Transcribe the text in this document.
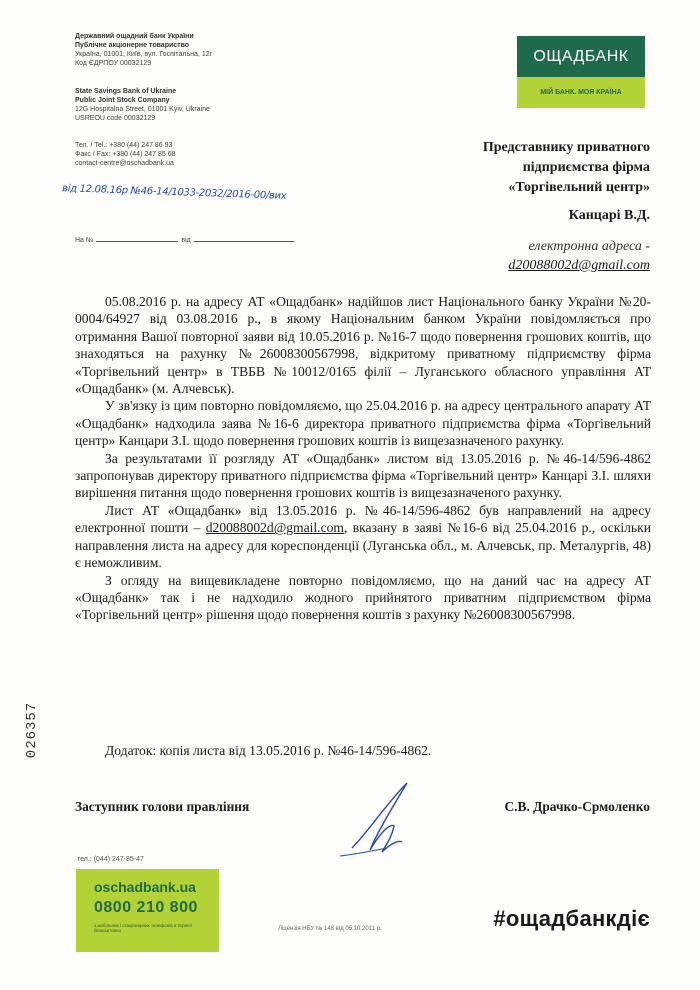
Державний ощадний банк України
Публічне акціонерне товариство
Україна, 01001, Київ, вул. Госпітальна, 12г
Код ЄДРПОУ 00032129
State Savings Bank of Ukraine
Public Joint Stock Company
12G Hospitalna Street, 01001 Kyiv, Ukraine
USREOU code 00032129
Тел. / Tel.: +380 (44) 247 86 93
Факс / Fax: +380 (44) 247 85 68
contact-centre@oschadbank.ua
ОЩАДБАНК
МІЙ БАНК. МОЯ КРАЇНА
від 12.08.16р №46-14/1033-2032/2016-00/вих
На №	від
Представнику приватного
підприємства фірма
«Торгівельний центр»
Канцарі В.Д.
електронна адреса -
d20088002d@gmail.com

05.08.2016 р. на адресу АТ «Ощадбанк» надійшов лист Національного банку України №20-0004/64927 від 03.08.2016 р., в якому Національним банком України повідомляється про отримання Вашої повторної заяви від 10.05.2016 р. №16-7 щодо повернення грошових коштів, що знаходяться на рахунку №26008300567998, відкритому приватному підприємству фірма «Торгівельний центр» в ТВБВ №10012/0165 філії – Луганського обласного управління АТ «Ощадбанк» (м. Алчевськ).

У зв'язку із цим повторно повідомляємо, що 25.04.2016 р. на адресу центрального апарату АТ «Ощадбанк» надходила заява №16-6 директора приватного підприємства фірма «Торгівельний центр» Канцари З.І. щодо повернення грошових коштів із вищезазначеного рахунку.

За результатами її розгляду АТ «Ощадбанк» листом від 13.05.2016 р. №46-14/596-4862 запропонував директору приватного підприємства фірма «Торгівельний центр» Канцарі З.І. шляхи вирішення питання щодо повернення грошових коштів із вищезазначеного рахунку.

Лист АТ «Ощадбанк» від 13.05.2016 р. №46-14/596-4862 був направлений на адресу електронної пошти – d20088002d@gmail.com, вказану в заяві №16-6 від 25.04.2016 р., оскільки направлення листа на адресу для кореспонденції (Луганська обл., м. Алчевськ, пр. Металургів, 48) є неможливим.

З огляду на вищевикладене повторно повідомляємо, що на даний час на адресу АТ «Ощадбанк» так і не надходило жодного прийнятого приватним підприємством фірма «Торгівельний центр» рішення щодо повернення коштів з рахунку №26008300567998.

Додаток: копія листа від 13.05.2016 р. №46-14/596-4862.
Заступник голови правління	С.В. Драчко-Срмоленко
026357
тел.: (044) 247-85-47
oschadbank.ua
0800 210 800
з мобільних і стаціонарних телефонів в Україні безкоштовно	Ліцензія НБУ № 148 від 05.10.2011 р.	#ощадбанкдіє
